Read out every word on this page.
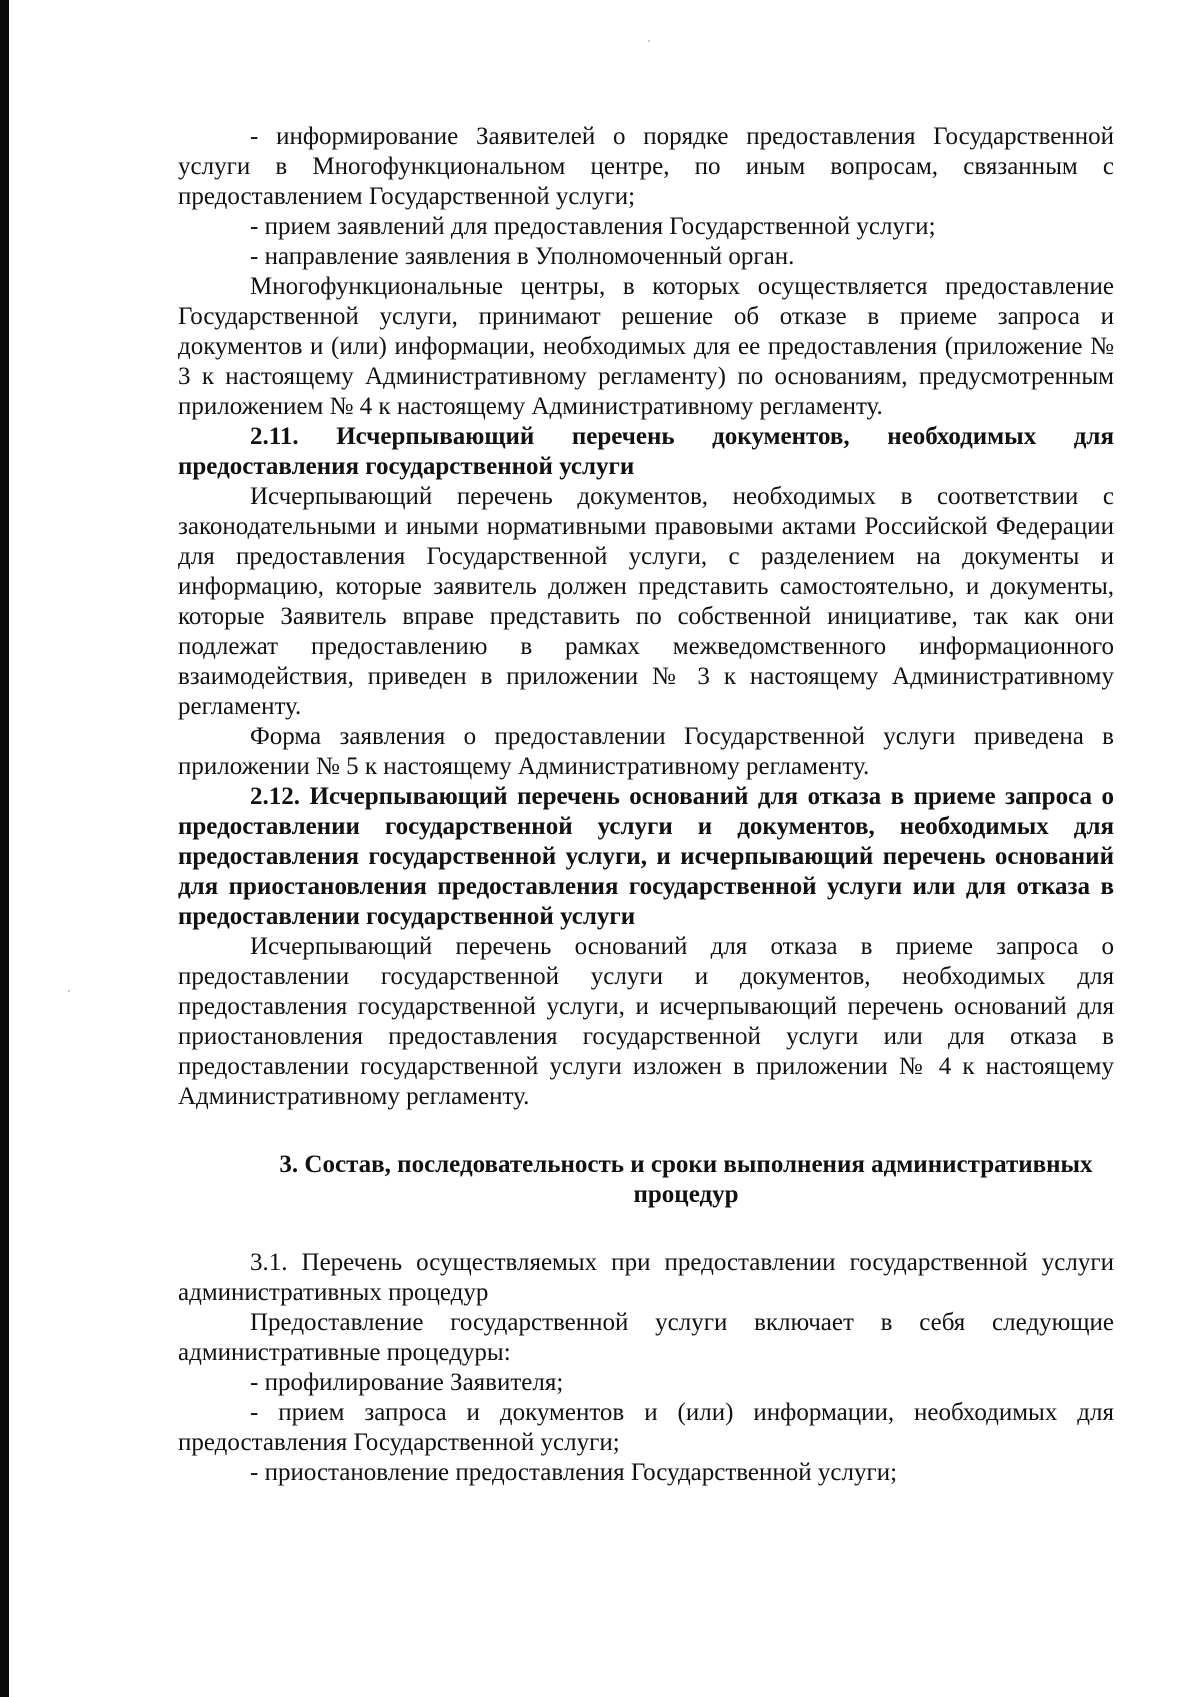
- информирование Заявителей о порядке предоставления Государственной услуги в Многофункциональном центре, по иным вопросам, связанным с предоставлением Государственной услуги;

- прием заявлений для предоставления Государственной услуги;

- направление заявления в Уполномоченный орган.

Многофункциональные центры, в которых осуществляется предоставление Государственной услуги, принимают решение об отказе в приеме запроса и документов и (или) информации, необходимых для ее предоставления (приложение № 3 к настоящему Административному регламенту) по основаниям, предусмотренным приложением № 4 к настоящему Административному регламенту.

2.11. Исчерпывающий перечень документов, необходимых для предоставления государственной услуги

Исчерпывающий перечень документов, необходимых в соответствии с законодательными и иными нормативными правовыми актами Российской Федерации для предоставления Государственной услуги, с разделением на документы и информацию, которые заявитель должен представить самостоятельно, и документы, которые Заявитель вправе представить по собственной инициативе, так как они подлежат предоставлению в рамках межведомственного информационного взаимодействия, приведен в приложении № 3 к настоящему Административному регламенту.

Форма заявления о предоставлении Государственной услуги приведена в приложении № 5 к настоящему Административному регламенту.

2.12. Исчерпывающий перечень оснований для отказа в приеме запроса о предоставлении государственной услуги и документов, необходимых для предоставления государственной услуги, и исчерпывающий перечень оснований для приостановления предоставления государственной услуги или для отказа в предоставлении государственной услуги

Исчерпывающий перечень оснований для отказа в приеме запроса о предоставлении государственной услуги и документов, необходимых для предоставления государственной услуги, и исчерпывающий перечень оснований для приостановления предоставления государственной услуги или для отказа в предоставлении государственной услуги изложен в приложении № 4 к настоящему Административному регламенту.

3. Состав, последовательность и сроки выполнения административных процедур

3.1. Перечень осуществляемых при предоставлении государственной услуги административных процедур

Предоставление государственной услуги включает в себя следующие административные процедуры:

- профилирование Заявителя;

- прием запроса и документов и (или) информации, необходимых для предоставления Государственной услуги;

- приостановление предоставления Государственной услуги;
